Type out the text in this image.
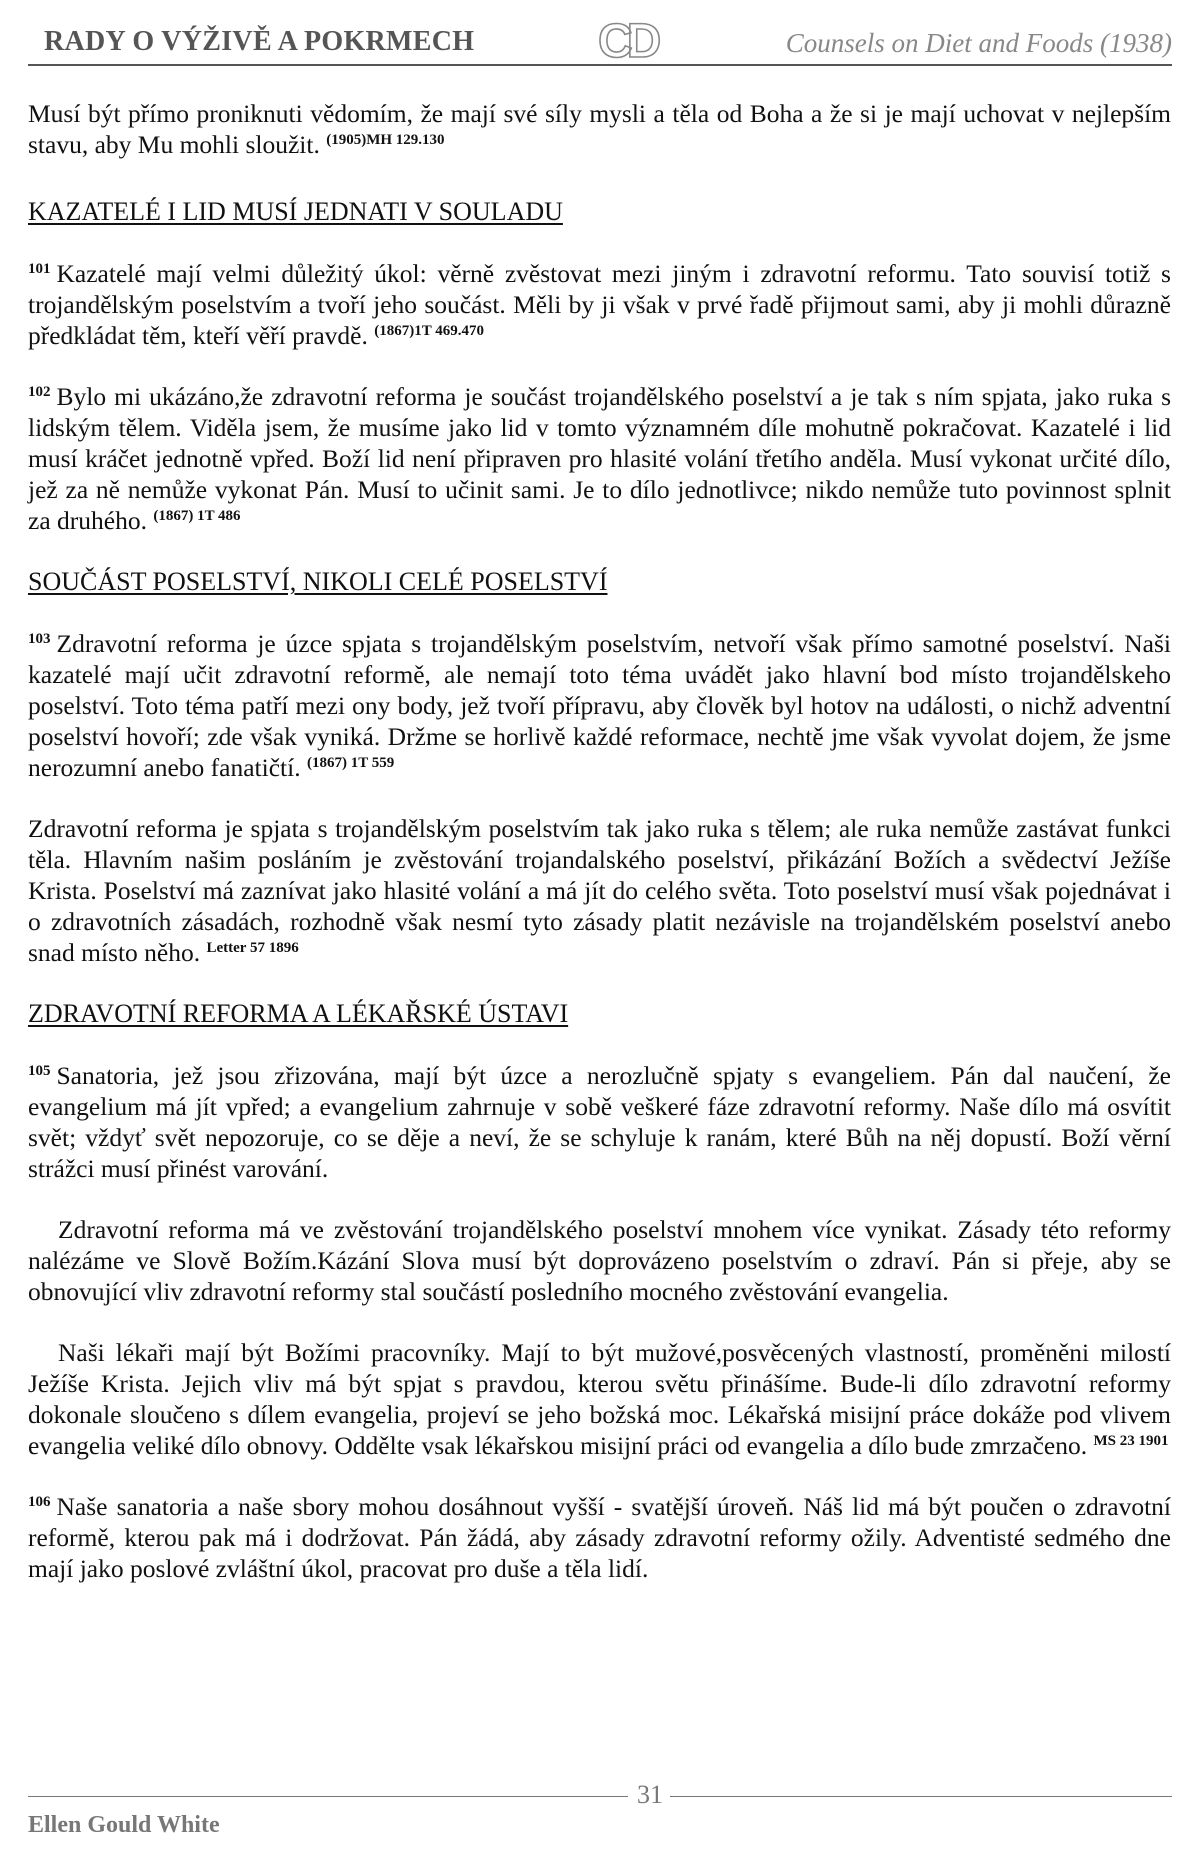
RADY O VÝŽIVĚ A POKRMECH	CD	Counsels on Diet and Foods (1938)

Musí být přímo proniknuti vědomím, že mají své síly mysli a těla od Boha a že si je mají uchovat v nejlepším stavu, aby Mu mohli sloužit. $^{(1905)MH 129.130}$

KAZATELÉ I LID MUSÍ JEDNATI V SOULADU

$^{101}$ Kazatelé mají velmi důležitý úkol: věrně zvěstovat mezi jiným i zdravotní reformu. Tato souvisí totiž s trojandělským poselstvím a tvoří jeho součást. Měli by ji však v prvé řadě přijmout sami, aby ji mohli důrazně předkládat těm, kteří věří pravdě. $^{(1867)1T 469.470}$

$^{102}$ Bylo mi ukázáno,že zdravotní reforma je součást trojandělského poselství a je tak s ním spjata, jako ruka s lidským tělem. Viděla jsem, že musíme jako lid v tomto významném díle mohutně pokračovat. Kazatelé i lid musí kráčet jednotně vpřed. Boží lid není připraven pro hlasité volání třetího anděla. Musí vykonat určité dílo, jež za ně nemůže vykonat Pán. Musí to učinit sami. Je to dílo jednotlivce; nikdo nemůže tuto povinnost splnit za druhého. $^{(1867) 1T 486}$

SOUČÁST POSELSTVÍ, NIKOLI CELÉ POSELSTVÍ

$^{103}$ Zdravotní reforma je úzce spjata s trojandělským poselstvím, netvoří však přímo samotné poselství. Naši kazatelé mají učit zdravotní reformě, ale nemají toto téma uvádět jako hlavní bod místo trojandělskeho poselství. Toto téma patří mezi ony body, jež tvoří přípravu, aby člověk byl hotov na události, o nichž adventní poselství hovoří; zde však vyniká. Držme se horlivě každé reformace, nechtě jme však vyvolat dojem, že jsme nerozumní anebo fanatičtí. $^{(1867) 1T 559}$

Zdravotní reforma je spjata s trojandělským poselstvím tak jako ruka s tělem; ale ruka nemůže zastávat funkci těla. Hlavním našim posláním je zvěstování trojandalského poselství, přikázání Božích a svědectví Ježíše Krista. Poselství má zaznívat jako hlasité volání a má jít do celého světa. Toto poselství musí však pojednávat i o zdravotních zásadách, rozhodně však nesmí tyto zásady platit nezávisle na trojandělském poselství anebo snad místo něho. $^{Letter 57 1896}$

ZDRAVOTNÍ REFORMA A LÉKAŘSKÉ ÚSTAVI

$^{105}$ Sanatoria, jež jsou zřizována, mají být úzce a nerozlučně spjaty s evangeliem. Pán dal naučení, že evangelium má jít vpřed; a evangelium zahrnuje v sobě veškeré fáze zdravotní reformy. Naše dílo má osvítit svět; vždyť svět nepozoruje, co se děje a neví, že se schyluje k ranám, které Bůh na něj dopustí. Boží věrní strážci musí přinést varování.

Zdravotní reforma má ve zvěstování trojandělského poselství mnohem více vynikat. Zásady této reformy nalézáme ve Slově Božím.Kázání Slova musí být doprovázeno poselstvím o zdraví. Pán si přeje, aby se obnovující vliv zdravotní reformy stal součástí posledního mocného zvěstování evangelia.

Naši lékaři mají být Božími pracovníky. Mají to být mužové,posvěcených vlastností, proměněni milostí Ježíše Krista. Jejich vliv má být spjat s pravdou, kterou světu přinášíme. Bude-li dílo zdravotní reformy dokonale sloučeno s dílem evangelia, projeví se jeho božská moc. Lékařská misijní práce dokáže pod vlivem evangelia veliké dílo obnovy. Oddělte vsak lékařskou misijní práci od evangelia a dílo bude zmrzačeno. $^{MS 23 1901}$

$^{106}$ Naše sanatoria a naše sbory mohou dosáhnout vyšší - svatější úroveň. Náš lid má být poučen o zdravotní reformě, kterou pak má i dodržovat. Pán žádá, aby zásady zdravotní reformy ožily. Adventisté sedmého dne mají jako poslové zvláštní úkol, pracovat pro duše a těla lidí.

31
Ellen Gould White
